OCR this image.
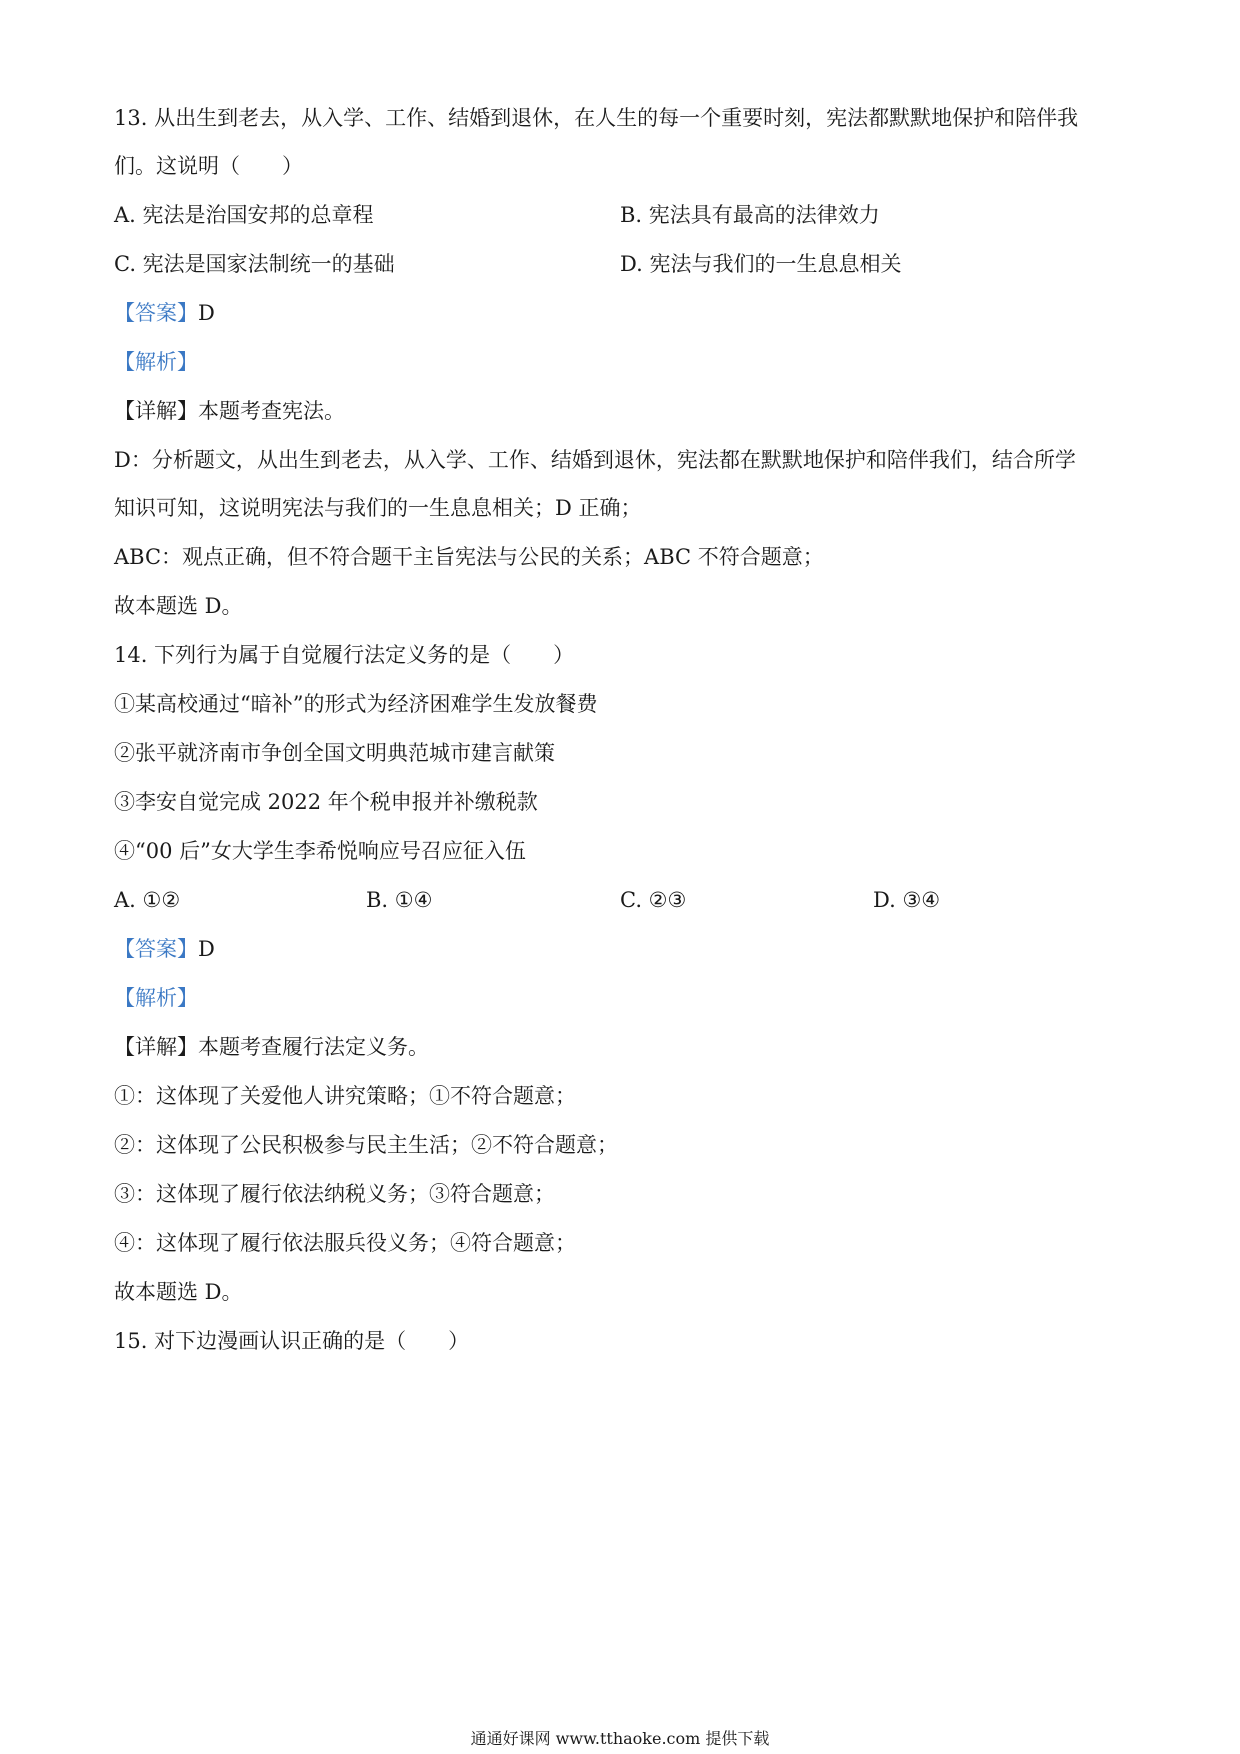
13. 从出生到老去，从入学、工作、结婚到退休，在人生的每一个重要时刻，宪法都默默地保护和陪伴我
们。这说明（　　）
A. 宪法是治国安邦的总章程	B. 宪法具有最高的法律效力
C. 宪法是国家法制统一的基础	D. 宪法与我们的一生息息相关
【答案】D
【解析】
【详解】本题考查宪法。
D：分析题文，从出生到老去，从入学、工作、结婚到退休，宪法都在默默地保护和陪伴我们，结合所学
知识可知，这说明宪法与我们的一生息息相关；D 正确；
ABC：观点正确，但不符合题干主旨宪法与公民的关系；ABC 不符合题意；
故本题选 D。
14. 下列行为属于自觉履行法定义务的是（　　）
①某高校通过“暗补”的形式为经济困难学生发放餐费
②张平就济南市争创全国文明典范城市建言献策
③李安自觉完成 2022 年个税申报并补缴税款
④“00 后”女大学生李希悦响应号召应征入伍
A. ①②	B. ①④	C. ②③	D. ③④
【答案】D
【解析】
【详解】本题考查履行法定义务。
①：这体现了关爱他人讲究策略；①不符合题意；
②：这体现了公民积极参与民主生活；②不符合题意；
③：这体现了履行依法纳税义务；③符合题意；
④：这体现了履行依法服兵役义务；④符合题意；
故本题选 D。
15. 对下边漫画认识正确的是（　　）
通通好课网 www.tthaoke.com 提供下载
